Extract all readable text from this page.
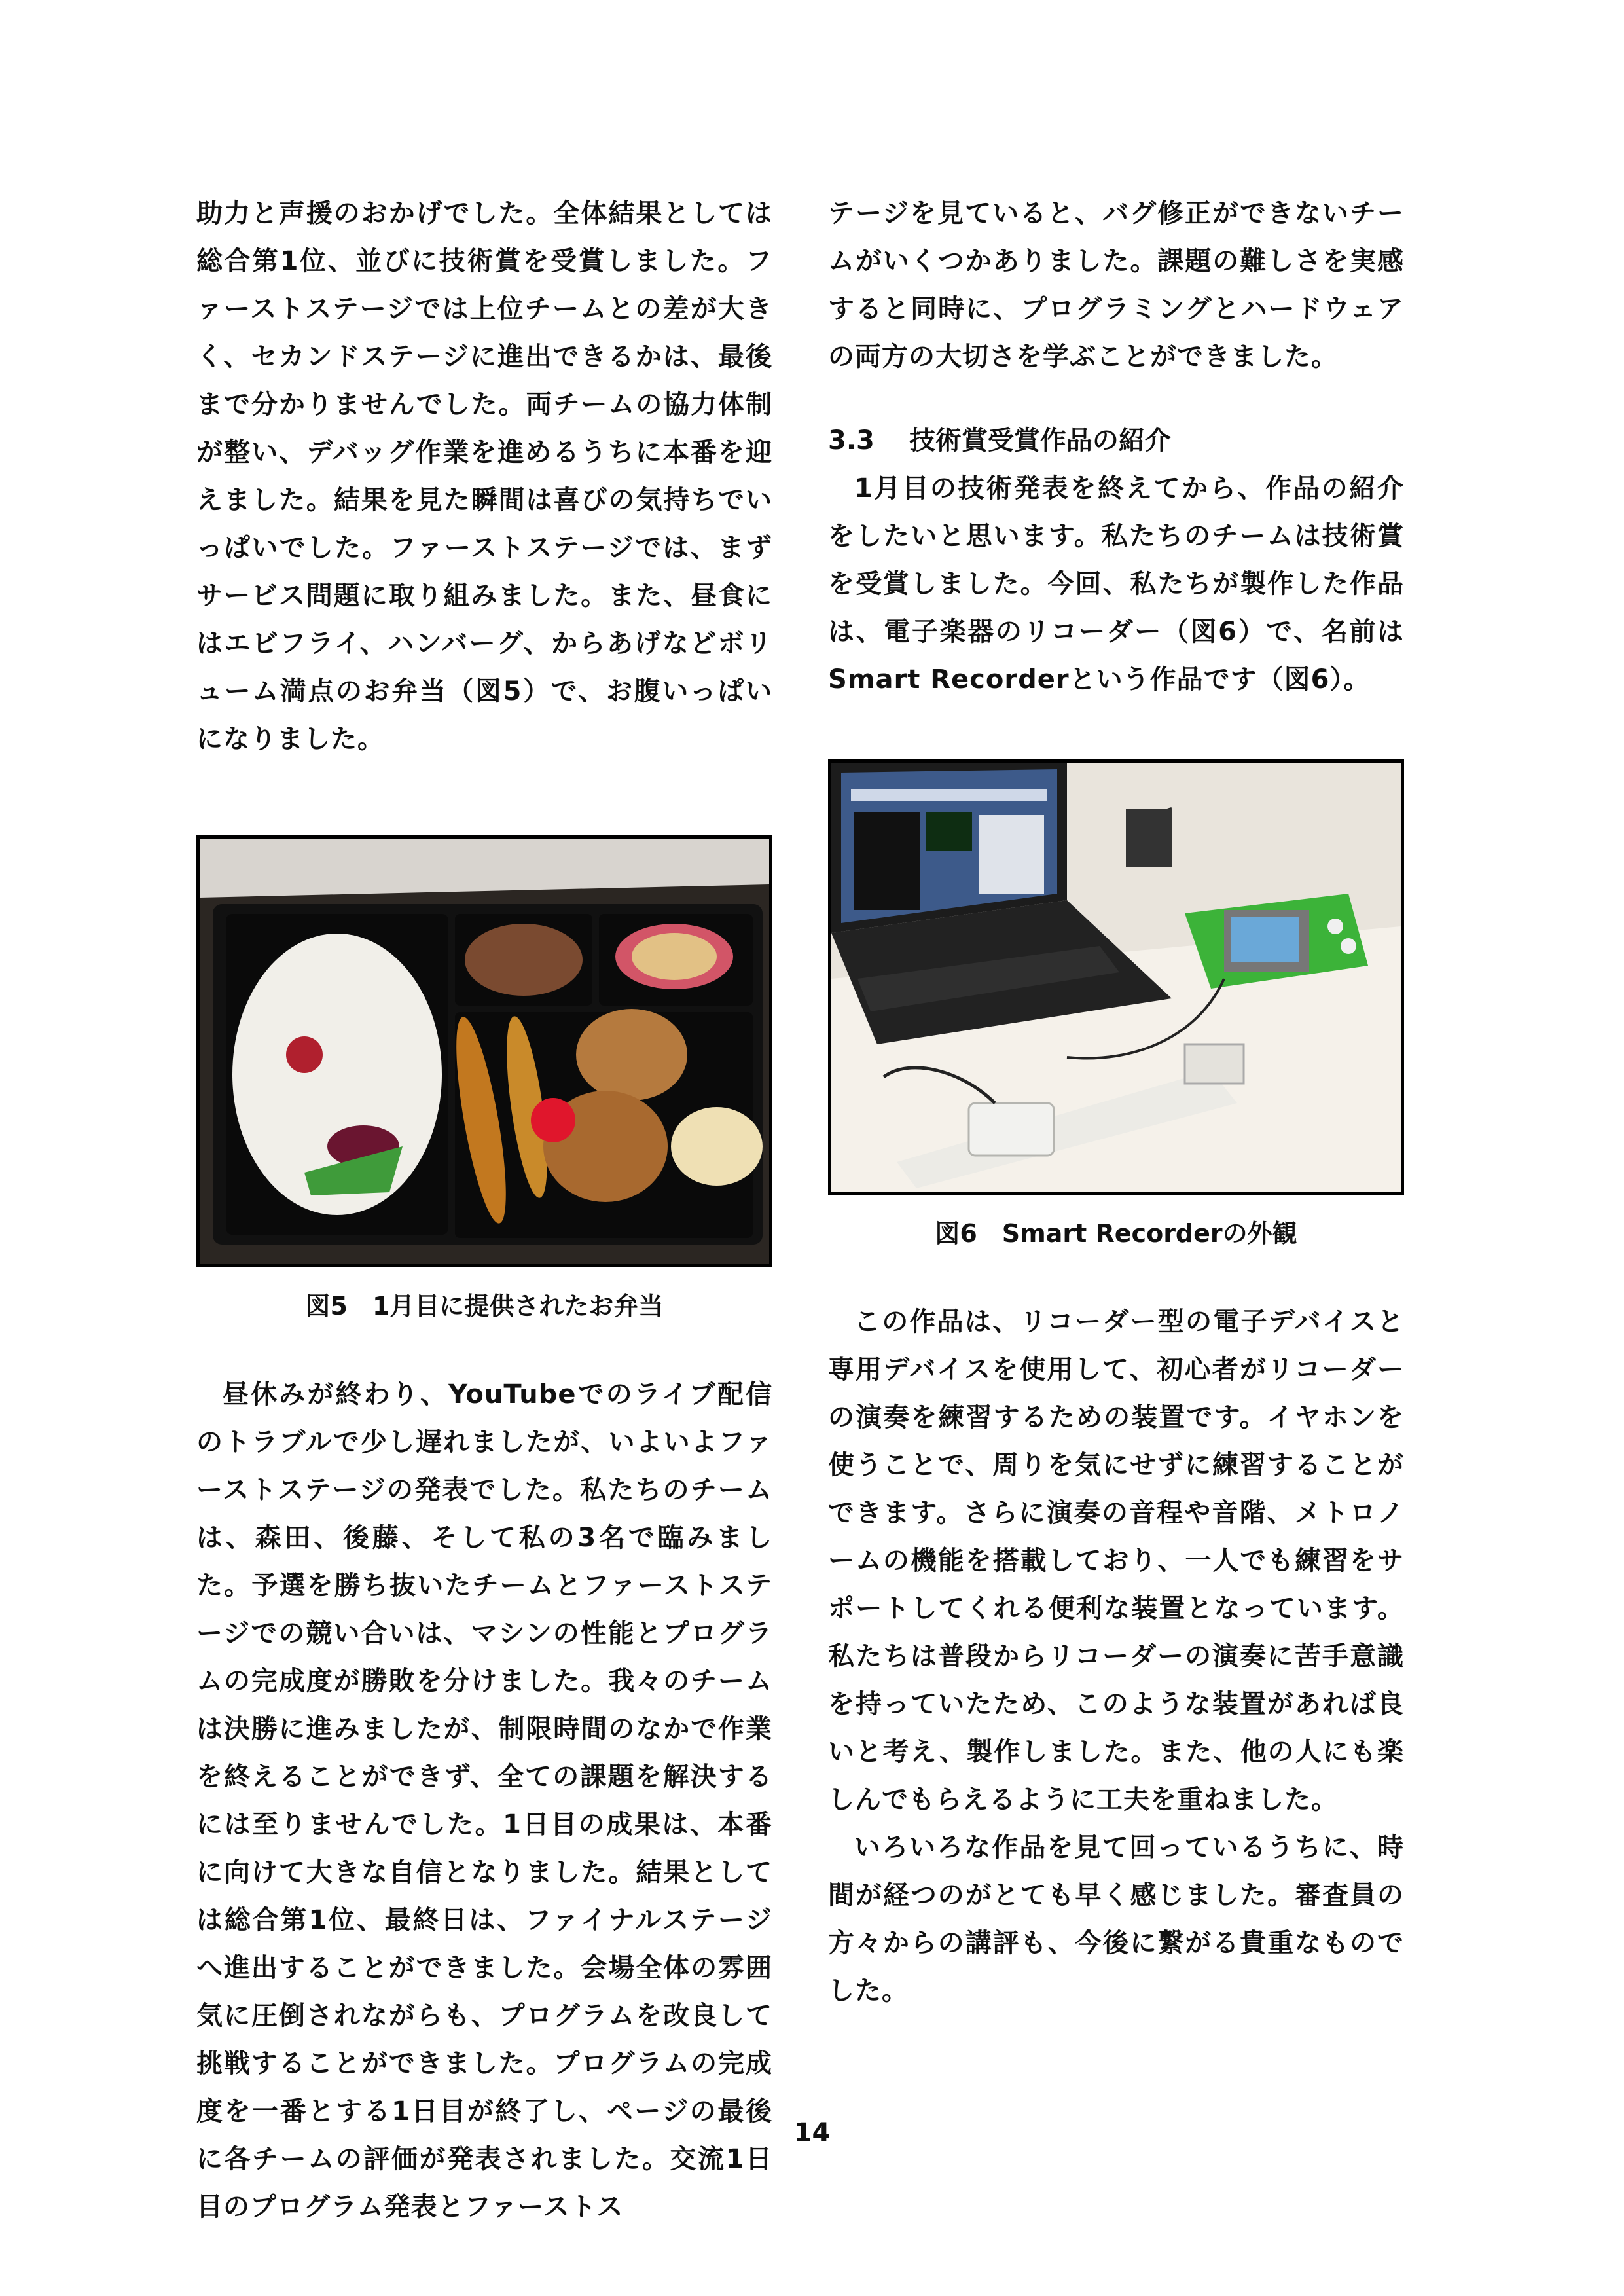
助力と声援のおかげでした。全体結果としては総合第1位、並びに技術賞を受賞しました。ファーストステージでは上位チームとの差が大きく、セカンドステージに進出できるかは、最後まで分かりませんでした。両チームの協力体制が整い、デバッグ作業を進めるうちに本番を迎えました。結果を見た瞬間は喜びの気持ちでいっぱいでした。ファーストステージでは、まずサービス問題に取り組みました。また、昼食にはエビフライ、ハンバーグ、からあげなどボリューム満点のお弁当（図5）で、お腹いっぱいになりました。

図5　1月目に提供されたお弁当

昼休みが終わり、YouTubeでのライブ配信のトラブルで少し遅れましたが、いよいよファーストステージの発表でした。私たちのチームは、森田、後藤、そして私の3名で臨みました。予選を勝ち抜いたチームとファーストステージでの競い合いは、マシンの性能とプログラムの完成度が勝敗を分けました。我々のチームは決勝に進みましたが、制限時間のなかで作業を終えることができず、全ての課題を解決するには至りませんでした。1日目の成果は、本番に向けて大きな自信となりました。結果としては総合第1位、最終日は、ファイナルステージへ進出することができました。会場全体の雰囲気に圧倒されながらも、プログラムを改良して挑戦することができました。プログラムの完成度を一番とする1日目が終了し、ページの最後に各チームの評価が発表されました。交流1日目のプログラム発表とファーストス

テージを見ていると、バグ修正ができないチームがいくつかありました。課題の難しさを実感すると同時に、プログラミングとハードウェアの両方の大切さを学ぶことができました。

3.3 技術賞受賞作品の紹介

1月目の技術発表を終えてから、作品の紹介をしたいと思います。私たちのチームは技術賞を受賞しました。今回、私たちが製作した作品は、電子楽器のリコーダー（図6）で、名前はSmart Recorderという作品です（図6）。

図6　Smart Recorderの外観

この作品は、リコーダー型の電子デバイスと専用デバイスを使用して、初心者がリコーダーの演奏を練習するための装置です。イヤホンを使うことで、周りを気にせずに練習することができます。さらに演奏の音程や音階、メトロノームの機能を搭載しており、一人でも練習をサポートしてくれる便利な装置となっています。私たちは普段からリコーダーの演奏に苦手意識を持っていたため、このような装置があれば良いと考え、製作しました。また、他の人にも楽しんでもらえるように工夫を重ねました。

いろいろな作品を見て回っているうちに、時間が経つのがとても早く感じました。審査員の方々からの講評も、今後に繋がる貴重なものでした。

14
